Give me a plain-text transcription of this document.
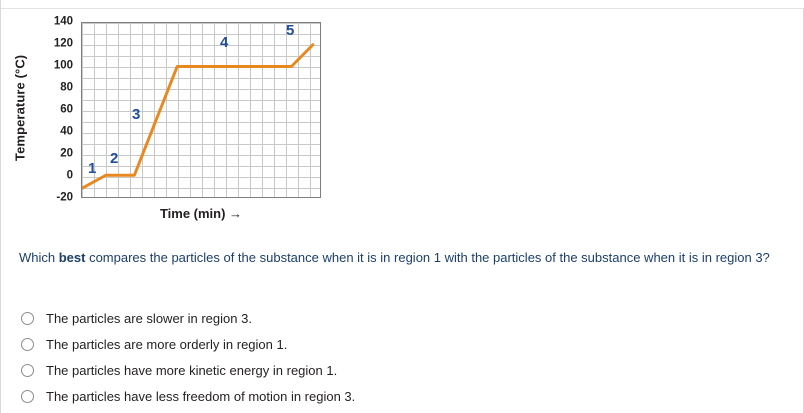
Temperature (°C)
140
120
100
80
60
40
20
0
-20
1
2
3
4
5
Time (min) →
Which best compares the particles of the substance when it is in region 1 with the particles of the substance when it is in region 3?
The particles are slower in region 3.
The particles are more orderly in region 1.
The particles have more kinetic energy in region 1.
The particles have less freedom of motion in region 3.
